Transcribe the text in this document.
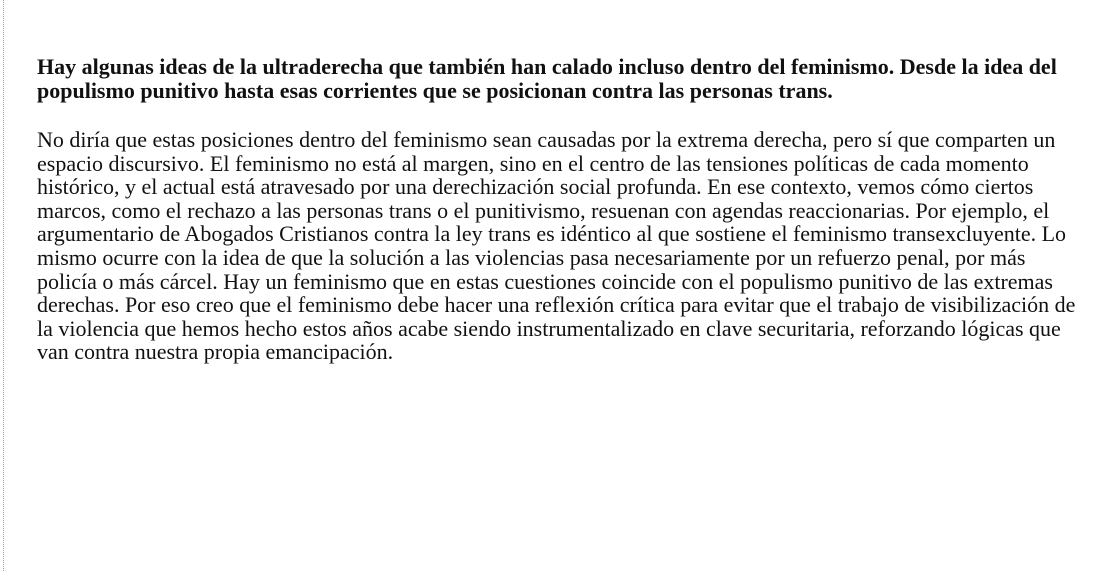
Hay algunas ideas de la ultraderecha que también han calado incluso dentro del feminismo. Desde la idea del populismo punitivo hasta esas corrientes que se posicionan contra las personas trans.

No diría que estas posiciones dentro del feminismo sean causadas por la extrema derecha, pero sí que comparten un espacio discursivo. El feminismo no está al margen, sino en el centro de las tensiones políticas de cada momento histórico, y el actual está atravesado por una derechización social profunda. En ese contexto, vemos cómo ciertos marcos, como el rechazo a las personas trans o el punitivismo, resuenan con agendas reaccionarias. Por ejemplo, el argumentario de Abogados Cristianos contra la ley trans es idéntico al que sostiene el feminismo transexcluyente. Lo mismo ocurre con la idea de que la solución a las violencias pasa necesariamente por un refuerzo penal, por más policía o más cárcel. Hay un feminismo que en estas cuestiones coincide con el populismo punitivo de las extremas derechas. Por eso creo que el feminismo debe hacer una reflexión crítica para evitar que el trabajo de visibilización de la violencia que hemos hecho estos años acabe siendo instrumentalizado en clave securitaria, reforzando lógicas que van contra nuestra propia emancipación.
